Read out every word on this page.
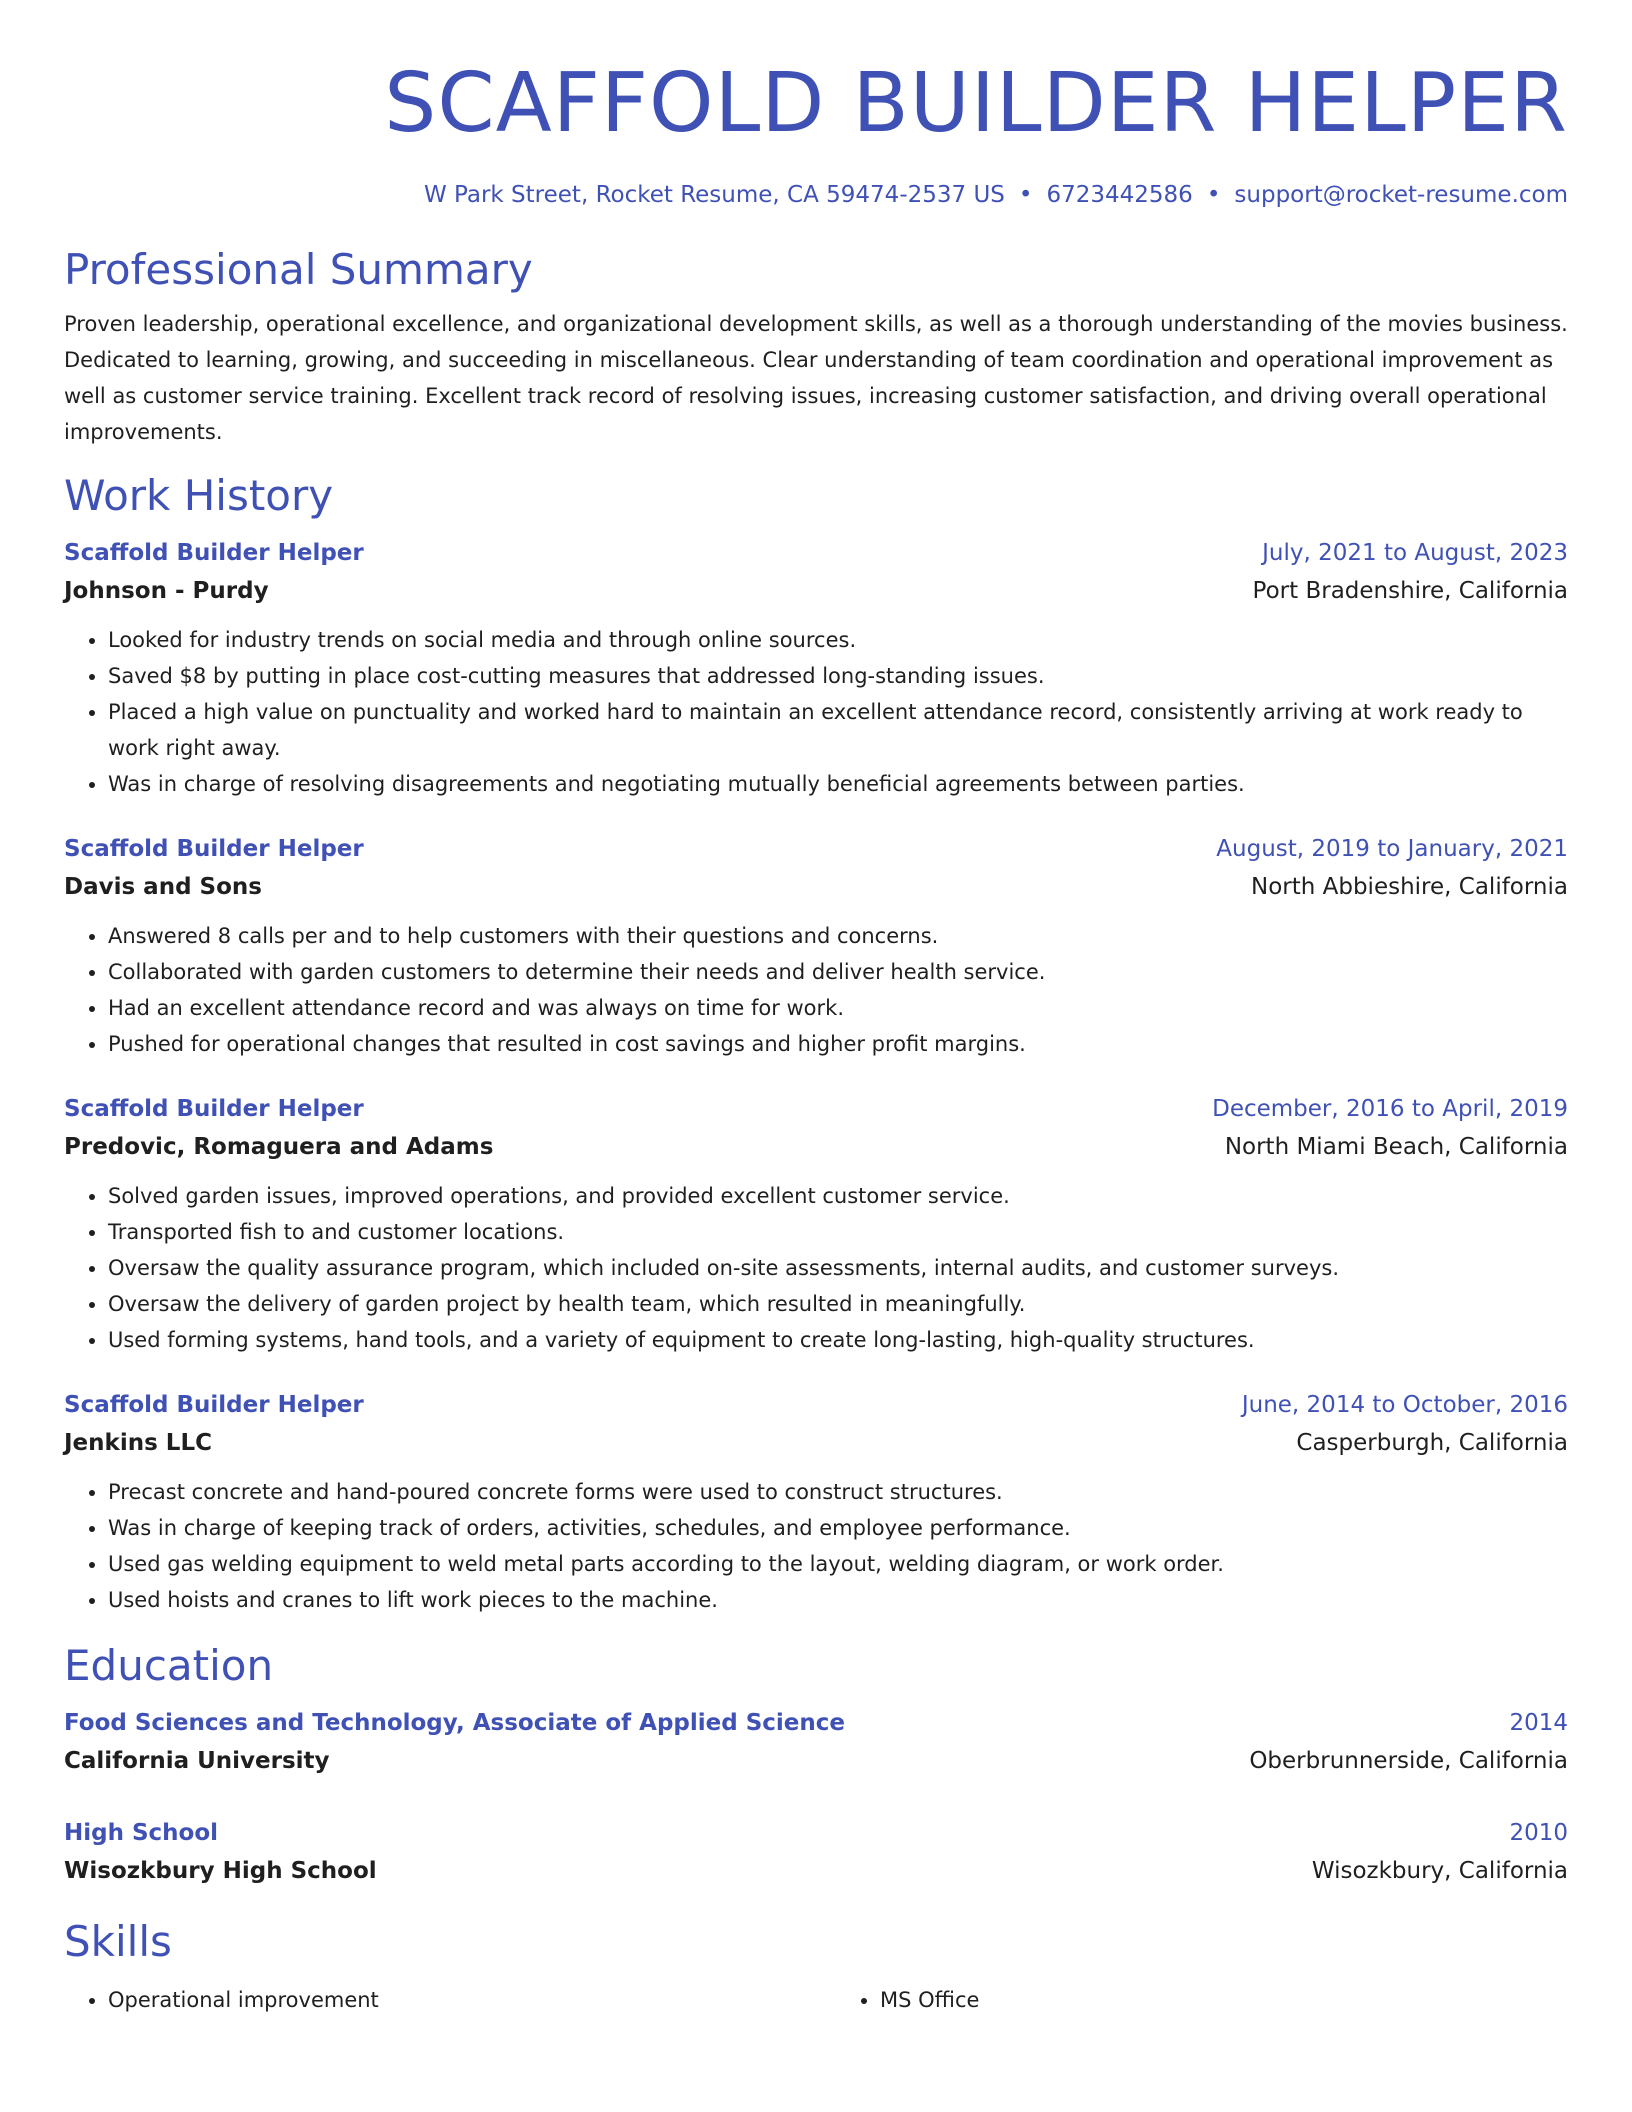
SCAFFOLD BUILDER HELPER
W Park Street, Rocket Resume, CA 59474-2537 US • 6723442586 • support@rocket-resume.com
Professional Summary

Proven leadership, operational excellence, and organizational development skills, as well as a thorough understanding of the movies business. Dedicated to learning, growing, and succeeding in miscellaneous. Clear understanding of team coordination and operational improvement as well as customer service training. Excellent track record of resolving issues, increasing customer satisfaction, and driving overall operational improvements.

Work History
Scaffold Builder Helper	July, 2021 to August, 2023
Johnson - Purdy	Port Bradenshire, California
• Looked for industry trends on social media and through online sources.
• Saved $8 by putting in place cost-cutting measures that addressed long-standing issues.
• Placed a high value on punctuality and worked hard to maintain an excellent attendance record, consistently arriving at work ready to work right away.
• Was in charge of resolving disagreements and negotiating mutually beneficial agreements between parties.
Scaffold Builder Helper	August, 2019 to January, 2021
Davis and Sons	North Abbieshire, California
• Answered 8 calls per and to help customers with their questions and concerns.
• Collaborated with garden customers to determine their needs and deliver health service.
• Had an excellent attendance record and was always on time for work.
• Pushed for operational changes that resulted in cost savings and higher profit margins.
Scaffold Builder Helper	December, 2016 to April, 2019
Predovic, Romaguera and Adams	North Miami Beach, California
• Solved garden issues, improved operations, and provided excellent customer service.
• Transported fish to and customer locations.
• Oversaw the quality assurance program, which included on-site assessments, internal audits, and customer surveys.
• Oversaw the delivery of garden project by health team, which resulted in meaningfully.
• Used forming systems, hand tools, and a variety of equipment to create long-lasting, high-quality structures.
Scaffold Builder Helper	June, 2014 to October, 2016
Jenkins LLC	Casperburgh, California
• Precast concrete and hand-poured concrete forms were used to construct structures.
• Was in charge of keeping track of orders, activities, schedules, and employee performance.
• Used gas welding equipment to weld metal parts according to the layout, welding diagram, or work order.
• Used hoists and cranes to lift work pieces to the machine.
Education
Food Sciences and Technology, Associate of Applied Science	2014
California University	Oberbrunnerside, California
High School	2010
Wisozkbury High School	Wisozkbury, California
Skills
• Operational improvement
•	MS Office
